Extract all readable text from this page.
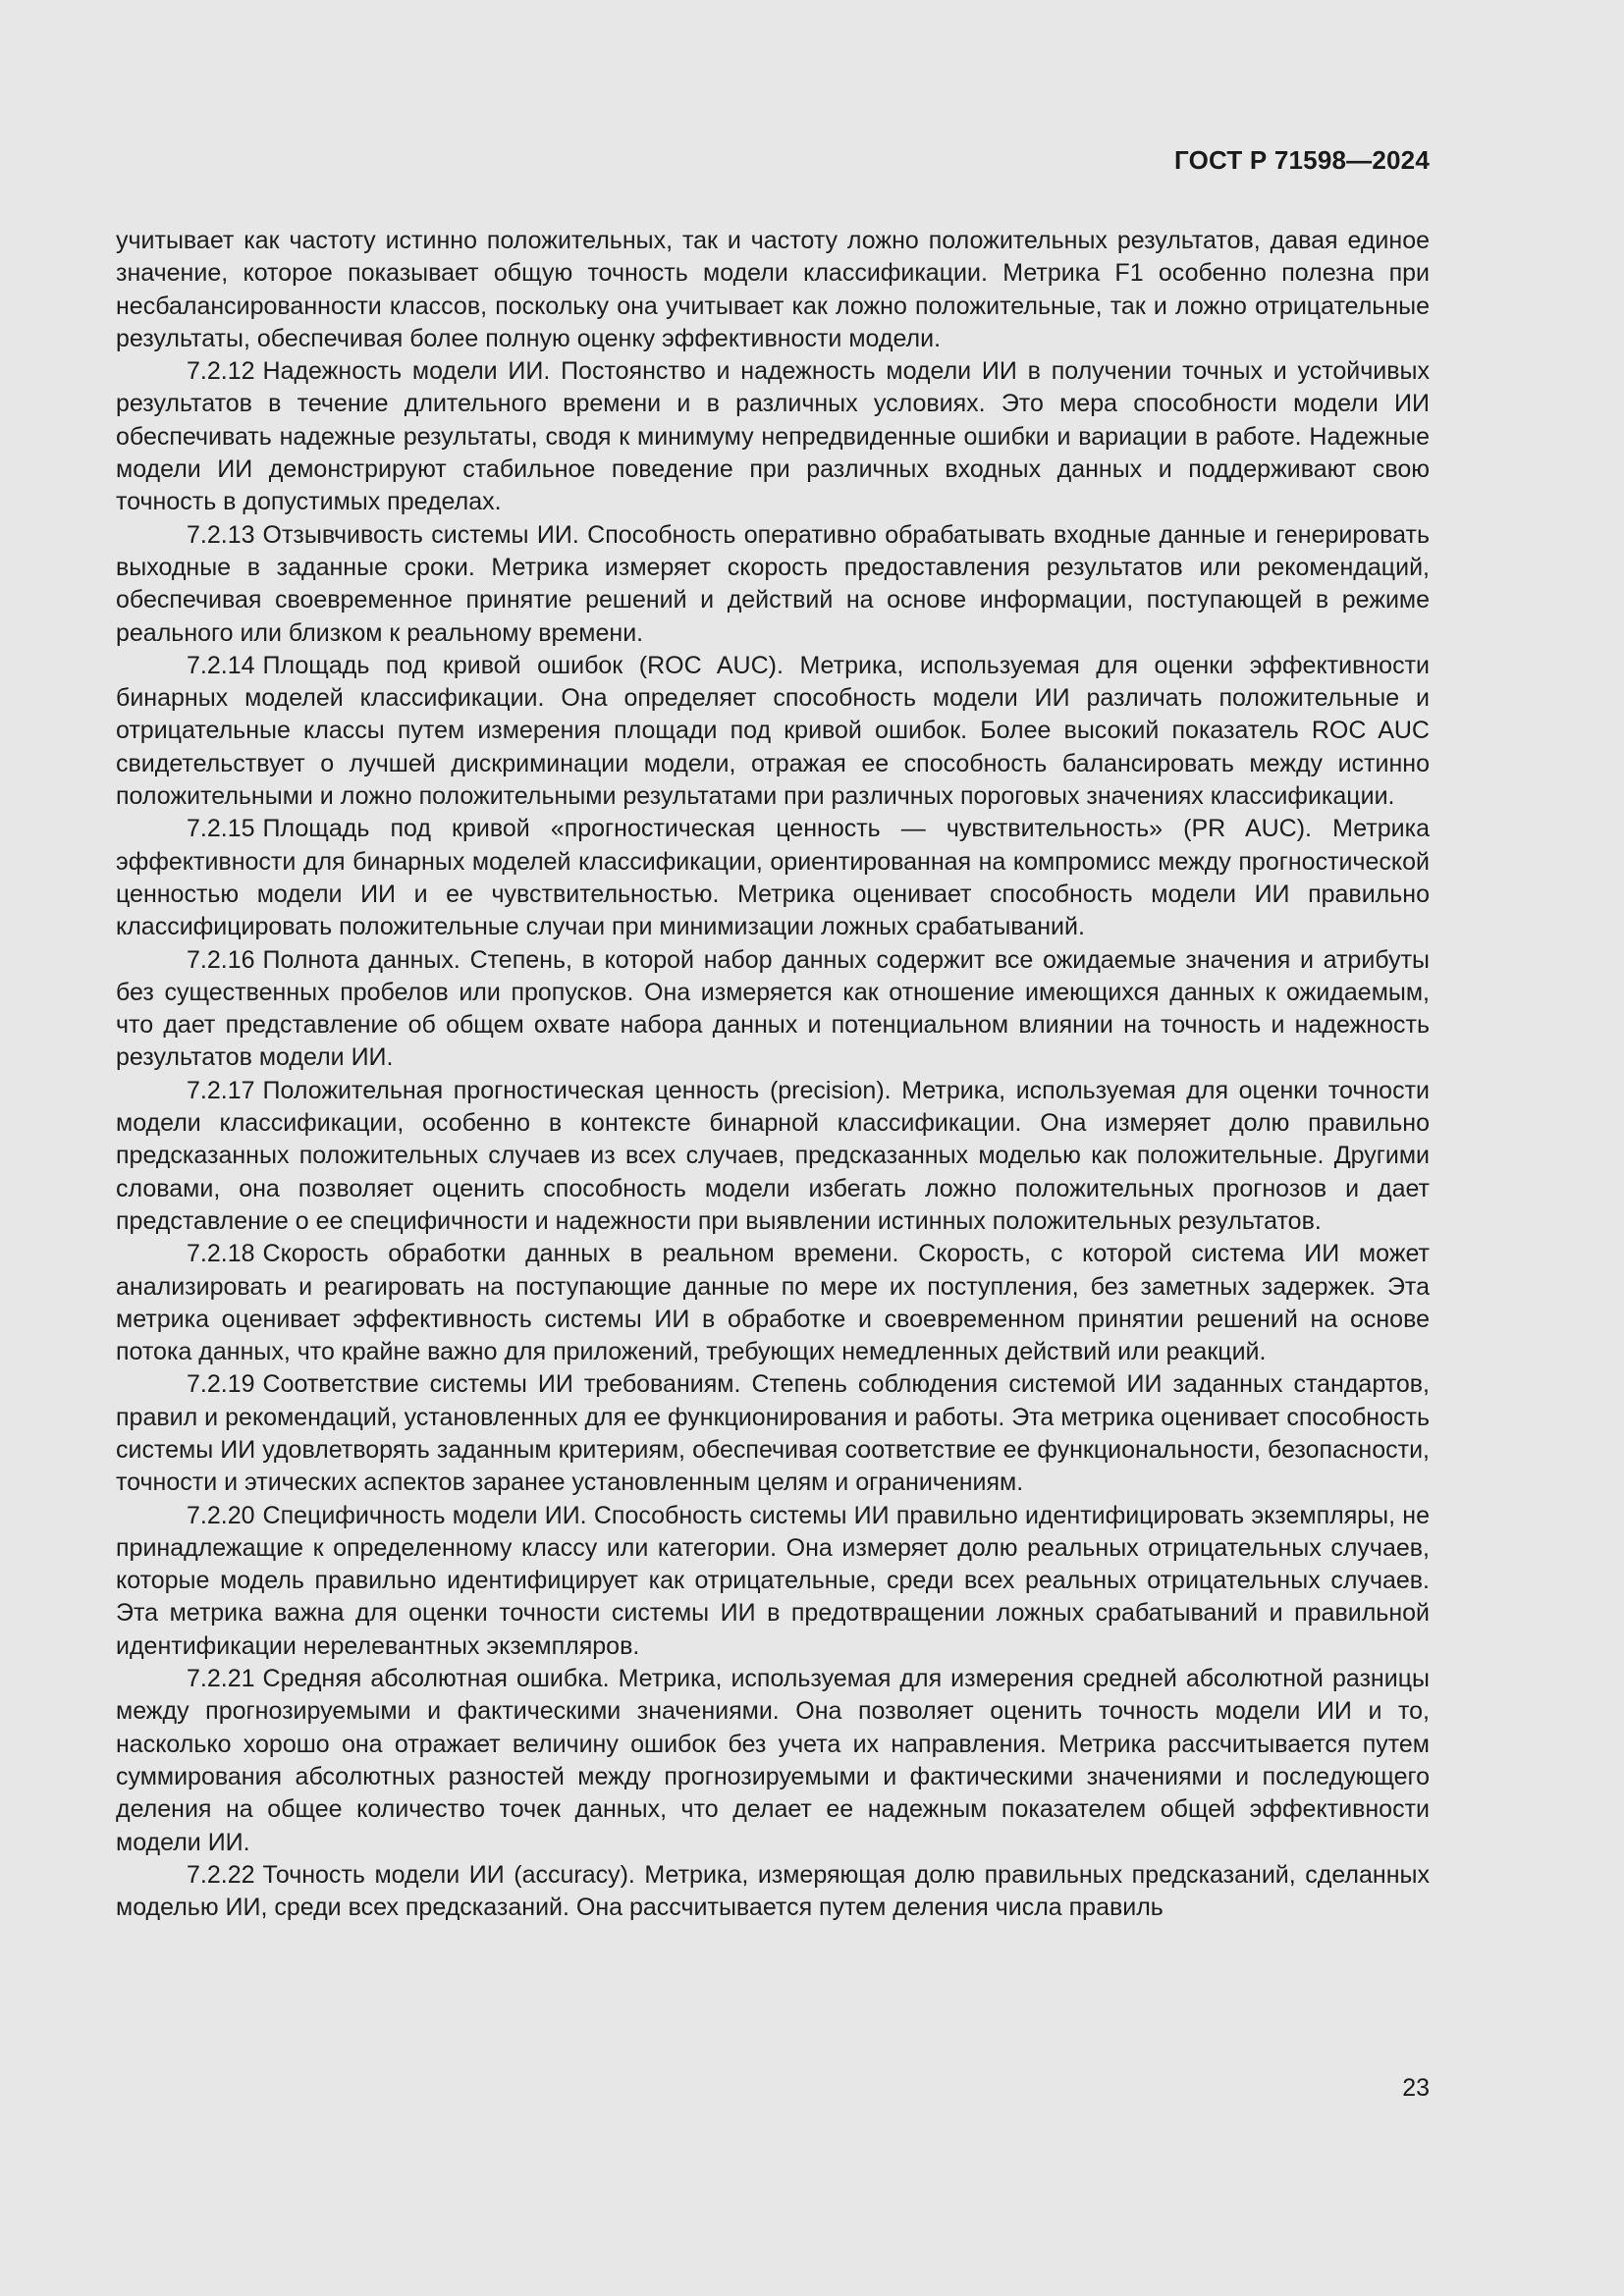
ГОСТ Р 71598—2024

учитывает как частоту истинно положительных, так и частоту ложно положительных результатов, давая единое значение, которое показывает общую точность модели классификации. Метрика F1 особенно полезна при несбалансированности классов, поскольку она учитывает как ложно положительные, так и ложно отрицательные результаты, обеспечивая более полную оценку эффективности модели.

7.2.12 Надежность модели ИИ. Постоянство и надежность модели ИИ в получении точных и устойчивых результатов в течение длительного времени и в различных условиях. Это мера способности модели ИИ обеспечивать надежные результаты, сводя к минимуму непредвиденные ошибки и вариации в работе. Надежные модели ИИ демонстрируют стабильное поведение при различных входных данных и поддерживают свою точность в допустимых пределах.

7.2.13 Отзывчивость системы ИИ. Способность оперативно обрабатывать входные данные и генерировать выходные в заданные сроки. Метрика измеряет скорость предоставления результатов или рекомендаций, обеспечивая своевременное принятие решений и действий на основе информации, поступающей в режиме реального или близком к реальному времени.

7.2.14 Площадь под кривой ошибок (ROC AUC). Метрика, используемая для оценки эффективности бинарных моделей классификации. Она определяет способность модели ИИ различать положительные и отрицательные классы путем измерения площади под кривой ошибок. Более высокий показатель ROC AUC свидетельствует о лучшей дискриминации модели, отражая ее способность балансировать между истинно положительными и ложно положительными результатами при различных пороговых значениях классификации.

7.2.15 Площадь под кривой «прогностическая ценность — чувствительность» (PR AUC). Метрика эффективности для бинарных моделей классификации, ориентированная на компромисс между прогностической ценностью модели ИИ и ее чувствительностью. Метрика оценивает способность модели ИИ правильно классифицировать положительные случаи при минимизации ложных срабатываний.

7.2.16 Полнота данных. Степень, в которой набор данных содержит все ожидаемые значения и атрибуты без существенных пробелов или пропусков. Она измеряется как отношение имеющихся данных к ожидаемым, что дает представление об общем охвате набора данных и потенциальном влиянии на точность и надежность результатов модели ИИ.

7.2.17 Положительная прогностическая ценность (precision). Метрика, используемая для оценки точности модели классификации, особенно в контексте бинарной классификации. Она измеряет долю правильно предсказанных положительных случаев из всех случаев, предсказанных моделью как положительные. Другими словами, она позволяет оценить способность модели избегать ложно положительных прогнозов и дает представление о ее специфичности и надежности при выявлении истинных положительных результатов.

7.2.18 Скорость обработки данных в реальном времени. Скорость, с которой система ИИ может анализировать и реагировать на поступающие данные по мере их поступления, без заметных задержек. Эта метрика оценивает эффективность системы ИИ в обработке и своевременном принятии решений на основе потока данных, что крайне важно для приложений, требующих немедленных действий или реакций.

7.2.19 Соответствие системы ИИ требованиям. Степень соблюдения системой ИИ заданных стандартов, правил и рекомендаций, установленных для ее функционирования и работы. Эта метрика оценивает способность системы ИИ удовлетворять заданным критериям, обеспечивая соответствие ее функциональности, безопасности, точности и этических аспектов заранее установленным целям и ограничениям.

7.2.20 Специфичность модели ИИ. Способность системы ИИ правильно идентифицировать экземпляры, не принадлежащие к определенному классу или категории. Она измеряет долю реальных отрицательных случаев, которые модель правильно идентифицирует как отрицательные, среди всех реальных отрицательных случаев. Эта метрика важна для оценки точности системы ИИ в предотвращении ложных срабатываний и правильной идентификации нерелевантных экземпляров.

7.2.21 Средняя абсолютная ошибка. Метрика, используемая для измерения средней абсолютной разницы между прогнозируемыми и фактическими значениями. Она позволяет оценить точность модели ИИ и то, насколько хорошо она отражает величину ошибок без учета их направления. Метрика рассчитывается путем суммирования абсолютных разностей между прогнозируемыми и фактическими значениями и последующего деления на общее количество точек данных, что делает ее надежным показателем общей эффективности модели ИИ.

7.2.22 Точность модели ИИ (accuracy). Метрика, измеряющая долю правильных предсказаний, сделанных моделью ИИ, среди всех предсказаний. Она рассчитывается путем деления числа правиль

23
